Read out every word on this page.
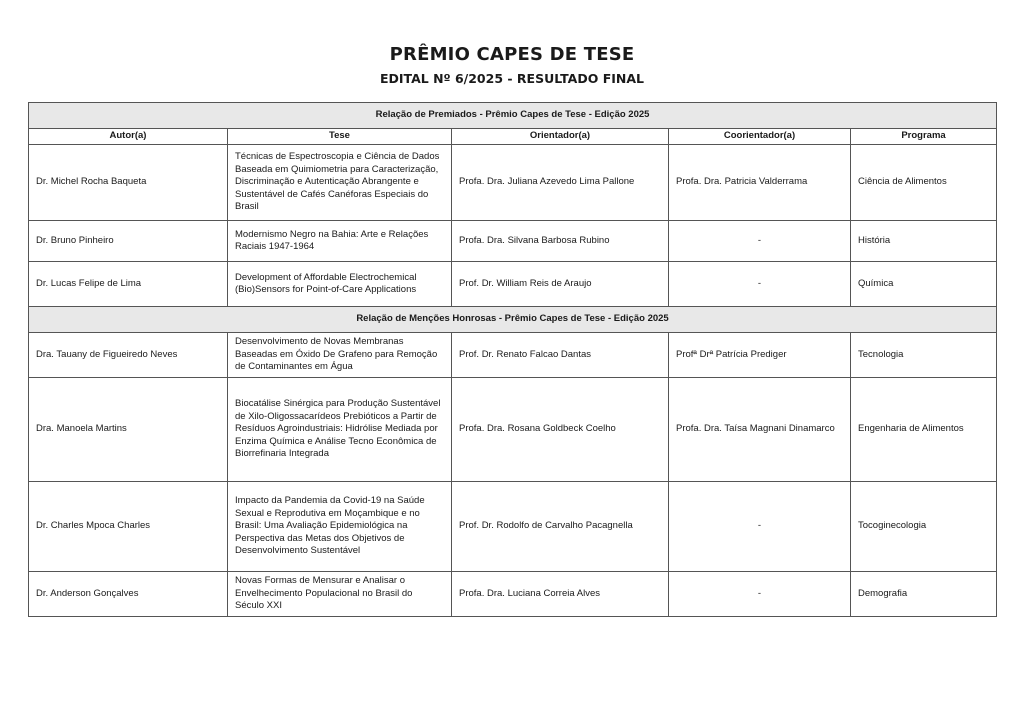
PRÊMIO CAPES DE TESE
EDITAL Nº 6/2025 - RESULTADO FINAL
Relação de Premiados - Prêmio Capes de Tese - Edição 2025				
Autor(a)	Tese	Orientador(a)	Coorientador(a)	Programa
Dr. Michel Rocha Baqueta	Técnicas de Espectroscopia e Ciência de Dados Baseada em Quimiometria para Caracterização, Discriminação e Autenticação Abrangente e Sustentável de Cafés Canéforas Especiais do Brasil	Profa. Dra. Juliana Azevedo Lima Pallone	Profa. Dra. Patricia Valderrama	Ciência de Alimentos
Dr. Bruno Pinheiro	Modernismo Negro na Bahia: Arte e Relações Raciais 1947-1964	Profa. Dra. Silvana Barbosa Rubino	-	História
Dr. Lucas Felipe de Lima	Development of Affordable Electrochemical (Bio)Sensors for Point-of-Care Applications	Prof. Dr. William Reis de Araujo	-	Química
Relação de Menções Honrosas - Prêmio Capes de Tese - Edição 2025				
Dra. Tauany de Figueiredo Neves	Desenvolvimento de Novas Membranas Baseadas em Óxido De Grafeno para Remoção de Contaminantes em Água	Prof. Dr. Renato Falcao Dantas	Profª Drª Patrícia Prediger	Tecnologia
Dra. Manoela Martins	Biocatálise Sinérgica para Produção Sustentável de Xilo-Oligossacarídeos Prebióticos a Partir de Resíduos Agroindustriais: Hidrólise Mediada por Enzima Química e Análise Tecno Econômica de Biorrefinaria Integrada	Profa. Dra. Rosana Goldbeck Coelho	Profa. Dra. Taísa Magnani Dinamarco	Engenharia de Alimentos
Dr. Charles Mpoca Charles	Impacto da Pandemia da Covid-19 na Saúde Sexual e Reprodutiva em Moçambique e no Brasil: Uma Avaliação Epidemiológica na Perspectiva das Metas dos Objetivos de Desenvolvimento Sustentável	Prof. Dr. Rodolfo de Carvalho Pacagnella	-	Tocoginecologia
Dr. Anderson Gonçalves	Novas Formas de Mensurar e Analisar o Envelhecimento Populacional no Brasil do Século XXI	Profa. Dra. Luciana Correia Alves	-	Demografia
